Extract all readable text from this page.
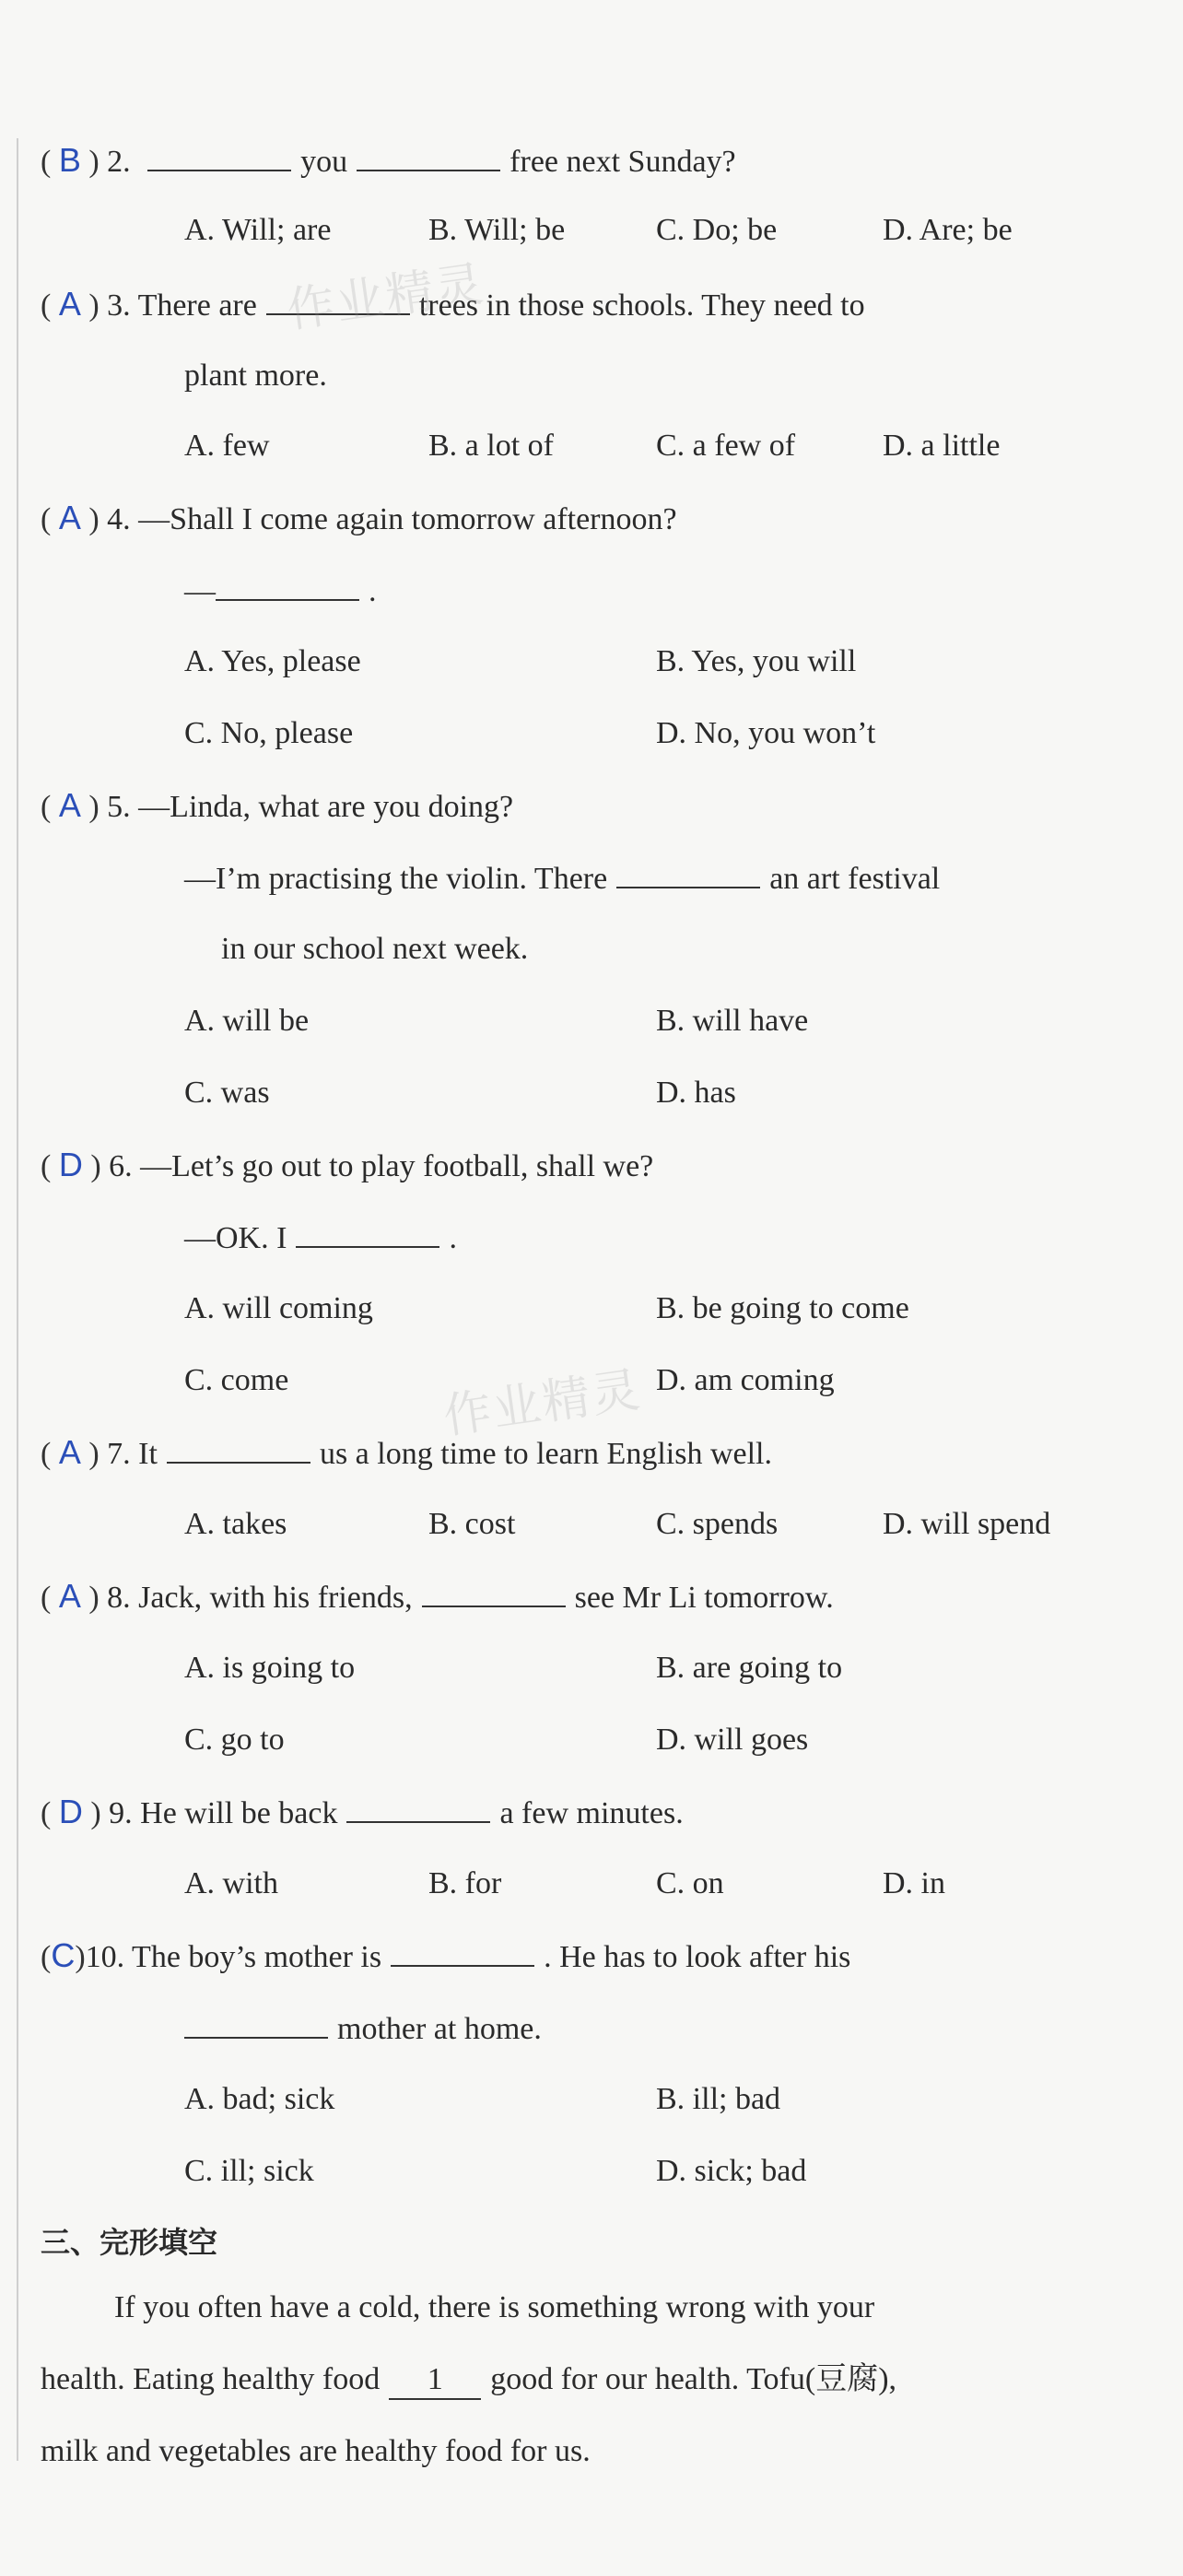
( B ) 2.	you	free next Sunday?
A. Will; are	B. Will; be	C. Do; be	D. Are; be
( A ) 3. There are	trees in those schools. They need to
plant more.
A. few	B. a lot of	C. a few of	D. a little
( A ) 4. —Shall I come again tomorrow afternoon?
—	.
A. Yes, please	B. Yes, you will
C. No, please	D. No, you won’t
( A ) 5. —Linda, what are you doing?
—I’m practising the violin. There	an art festival
in our school next week.
A. will be	B. will have
C. was	D. has
( D ) 6. —Let’s go out to play football, shall we?
—OK. I	.
A. will coming	B. be going to come
C. come	D. am coming
( A ) 7. It	us a long time to learn English well.
A. takes	B. cost	C. spends	D. will spend
( A ) 8. Jack, with his friends,	see Mr Li tomorrow.
A. is going to	B. are going to
C. go to	D. will goes
( D ) 9. He will be back	a few minutes.
A. with	B. for	C. on	D. in
(C)10. The boy’s mother is	. He has to look after his
mother at home.
A. bad; sick	B. ill; bad
C. ill; sick	D. sick; bad
三、完形填空
If you often have a cold, there is something wrong with your
health. Eating healthy food 1 good for our health. Tofu(豆腐),
milk and vegetables are healthy food for us.
作业精灵
作业精灵
